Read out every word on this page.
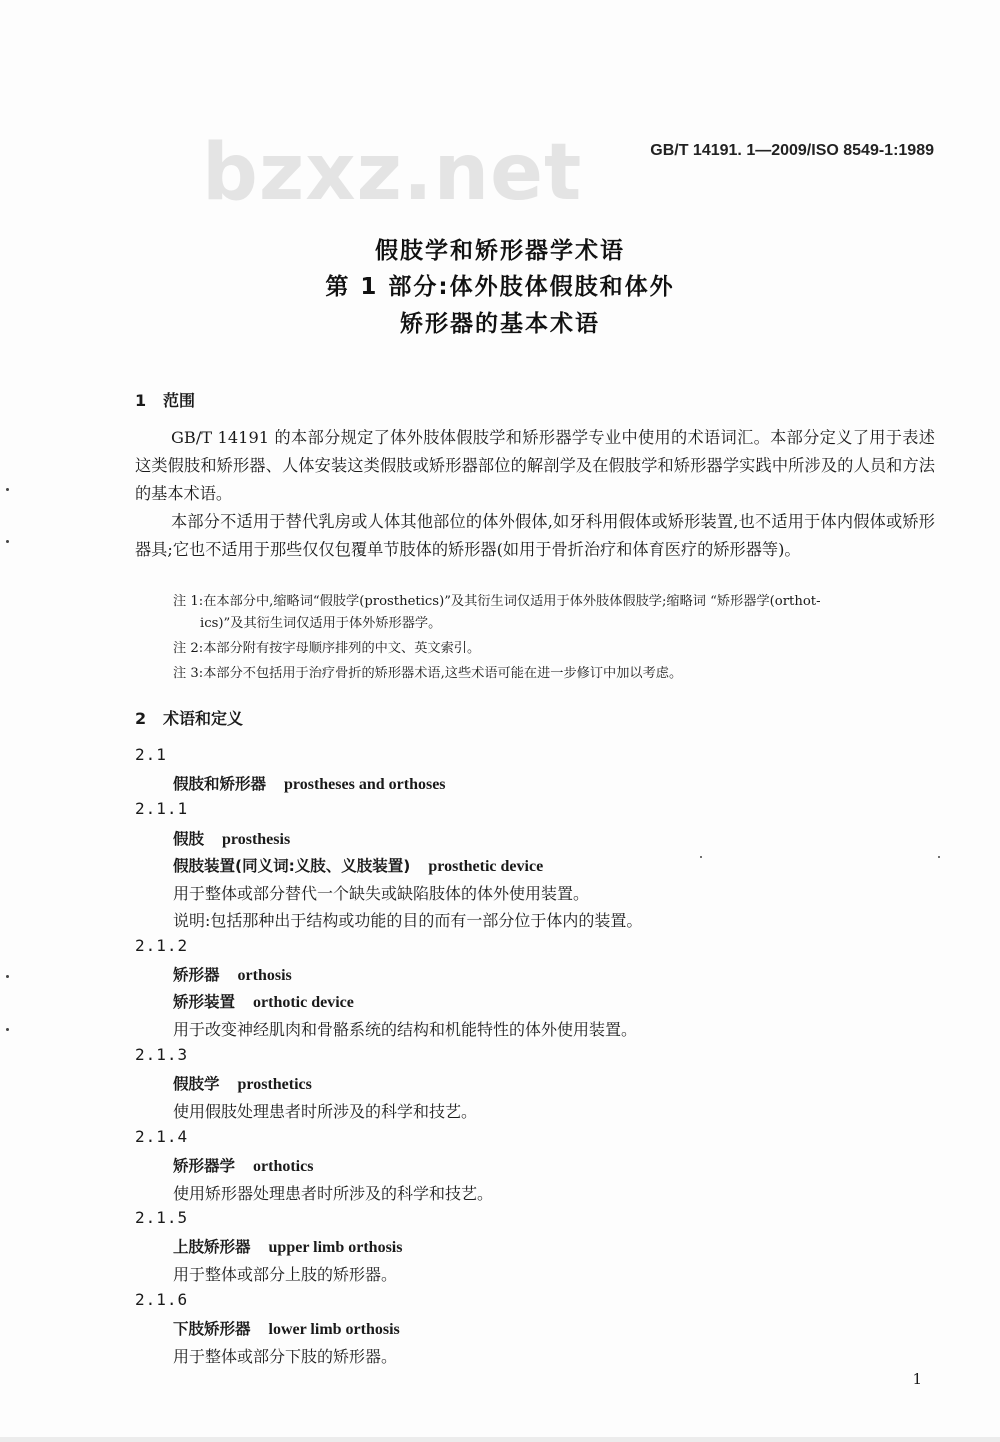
bzxz.net	GB/T 14191. 1—2009/ISO 8549-1:1989
假肢学和矫形器学术语
第 1 部分:体外肢体假肢和体外
矫形器的基本术语
1 范围
GB/T 14191 的本部分规定了体外肢体假肢学和矫形器学专业中使用的术语词汇。本部分定义了用于表述这类假肢和矫形器、人体安装这类假肢或矫形器部位的解剖学及在假肢学和矫形器学实践中所涉及的人员和方法的基本术语。
本部分不适用于替代乳房或人体其他部位的体外假体,如牙科用假体或矫形装置,也不适用于体内假体或矫形器具;它也不适用于那些仅仅包覆单节肢体的矫形器(如用于骨折治疗和体育医疗的矫形器等)。
注 1:在本部分中,缩略词“假肢学(prosthetics)”及其衍生词仅适用于体外肢体假肢学;缩略词 “矫形器学(orthot-
ics)”及其衍生词仅适用于体外矫形器学。
注 2:本部分附有按字母顺序排列的中文、英文索引。
注 3:本部分不包括用于治疗骨折的矫形器术语,这些术语可能在进一步修订中加以考虑。
2 术语和定义
2.1
假肢和矫形器 prostheses and orthoses
2.1.1
假肢 prosthesis
假肢装置(同义词:义肢、义肢装置) prosthetic device
用于整体或部分替代一个缺失或缺陷肢体的体外使用装置。
说明:包括那种出于结构或功能的目的而有一部分位于体内的装置。
2.1.2
矫形器 orthosis
矫形装置 orthotic device
用于改变神经肌肉和骨骼系统的结构和机能特性的体外使用装置。
2.1.3
假肢学 prosthetics
使用假肢处理患者时所涉及的科学和技艺。
2.1.4
矫形器学 orthotics
使用矫形器处理患者时所涉及的科学和技艺。
2.1.5
上肢矫形器 upper limb orthosis
用于整体或部分上肢的矫形器。
2.1.6
下肢矫形器 lower limb orthosis
用于整体或部分下肢的矫形器。
1
